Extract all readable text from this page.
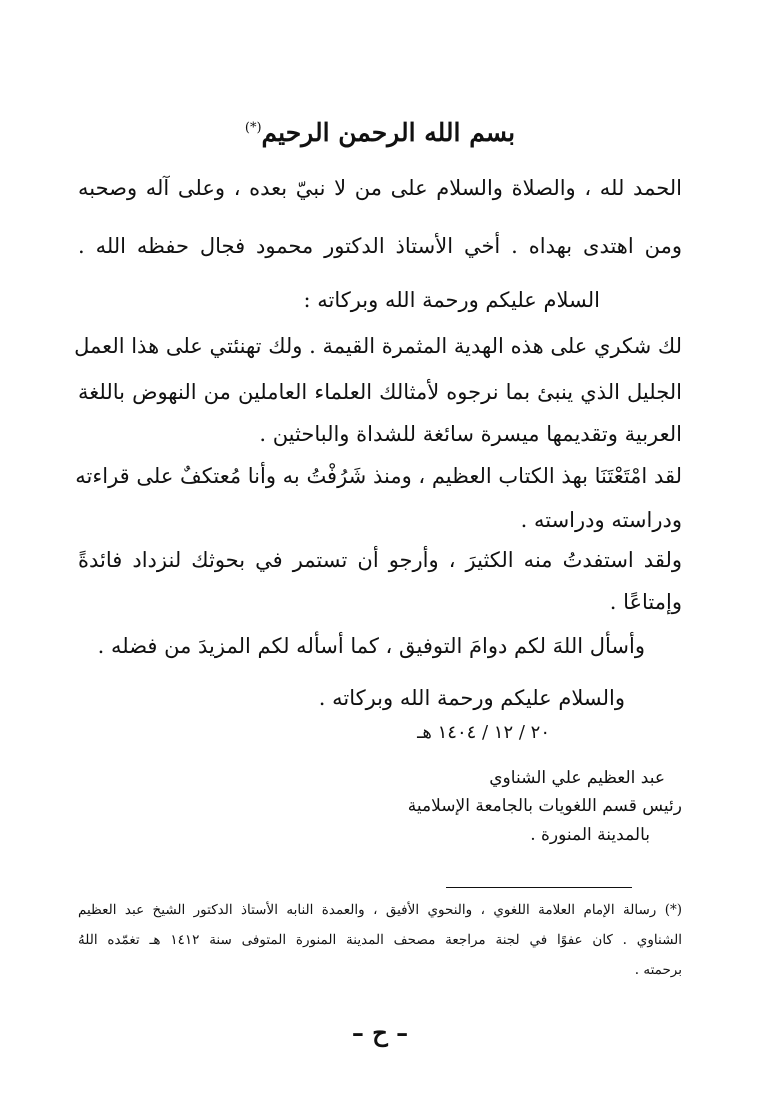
بسم الله الرحمن الرحيم(*)
الحمد لله ، والصلاة والسلام على من لا نبيّ بعده ، وعلى آله وصحبه
ومن اهتدى بهداه . أخي الأستاذ الدكتور محمود فجال حفظه الله .
السلام عليكم ورحمة الله وبركاته :
لك شكري على هذه الهدية المثمرة القيمة . ولك تهنئتي على هذا العمل
الجليل الذي ينبئ بما نرجوه لأمثالك العلماء العاملين من النهوض باللغة
العربية وتقديمها ميسرة سائغة للشداة والباحثين .
لقد امْتَعْتَنَا بهذ الكتاب العظيم ، ومنذ شَرُفْتُ به وأنا مُعتكفٌ على قراءته
ودراسته ودراسته .
ولقد استفدتُ منه الكثيرَ ، وأرجو أن تستمر في بحوثك لنزداد فائدةً
وإمتاعًا .
وأسأل اللهَ لكم دوامَ التوفيق ، كما أسأله لكم المزيدَ من فضله .
والسلام عليكم ورحمة الله وبركاته .
٢٠ / ١٢ / ١٤٠٤ هـ
عبد العظيم علي الشناوي
رئيس قسم اللغويات بالجامعة الإسلامية
بالمدينة المنورة .
(*) رسالة الإمام العلامة اللغوي ، والنحوي الأفيق ، والعمدة النابه الأستاذ الدكتور الشيخ عبد العظيم
الشناوي . كان عفوًا في لجنة مراجعة مصحف المدينة المنورة المتوفى سنة ١٤١٢ هـ تغمّده اللهُ
برحمته .
– ح –
